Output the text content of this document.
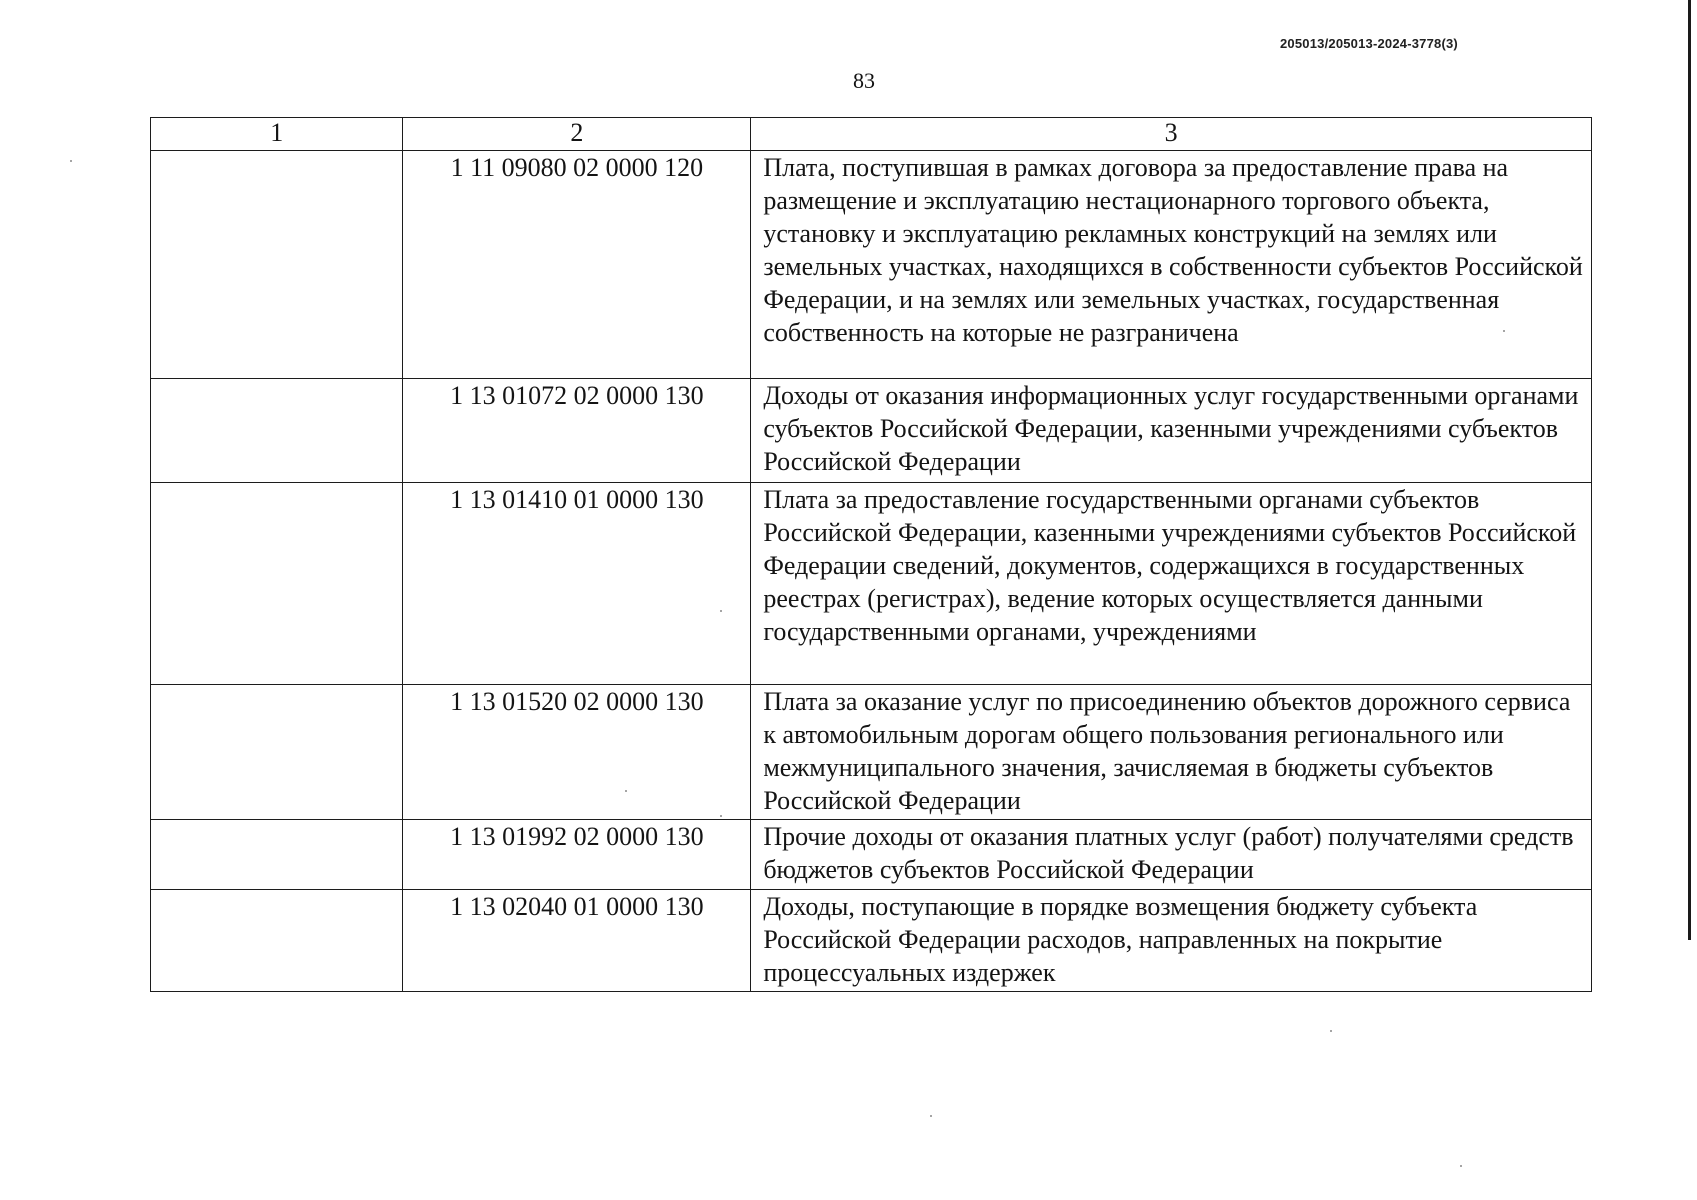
205013/205013-2024-3778(3)
83
1	2	3
	1 11 09080 02 0000 120	Плата, поступившая в рамках договора за предоставление права на размещение и эксплуатацию нестационарного торгового объекта, установку и эксплуатацию рекламных конструкций на землях или земельных участках, находящихся в собственности субъектов Российской Федерации, и на землях или земельных участках, государственная собственность на которые не разграничена
	1 13 01072 02 0000 130	Доходы от оказания информационных услуг государственными органами субъектов Российской Федерации, казенными учреждениями субъектов Российской Федерации
	1 13 01410 01 0000 130	Плата за предоставление государственными органами субъектов Российской Федерации, казенными учреждениями субъектов Российской Федерации сведений, документов, содержащихся в государственных реестрах (регистрах), ведение которых осуществляется данными государственными органами, учреждениями
	1 13 01520 02 0000 130	Плата за оказание услуг по присоединению объектов дорожного сервиса к автомобильным дорогам общего пользования регионального или межмуниципального значения, зачисляемая в бюджеты субъектов Российской Федерации
	1 13 01992 02 0000 130	Прочие доходы от оказания платных услуг (работ) получателями средств бюджетов субъектов Российской Федерации
	1 13 02040 01 0000 130	Доходы, поступающие в порядке возмещения бюджету субъекта Российской Федерации расходов, направленных на покрытие процессуальных издержек
